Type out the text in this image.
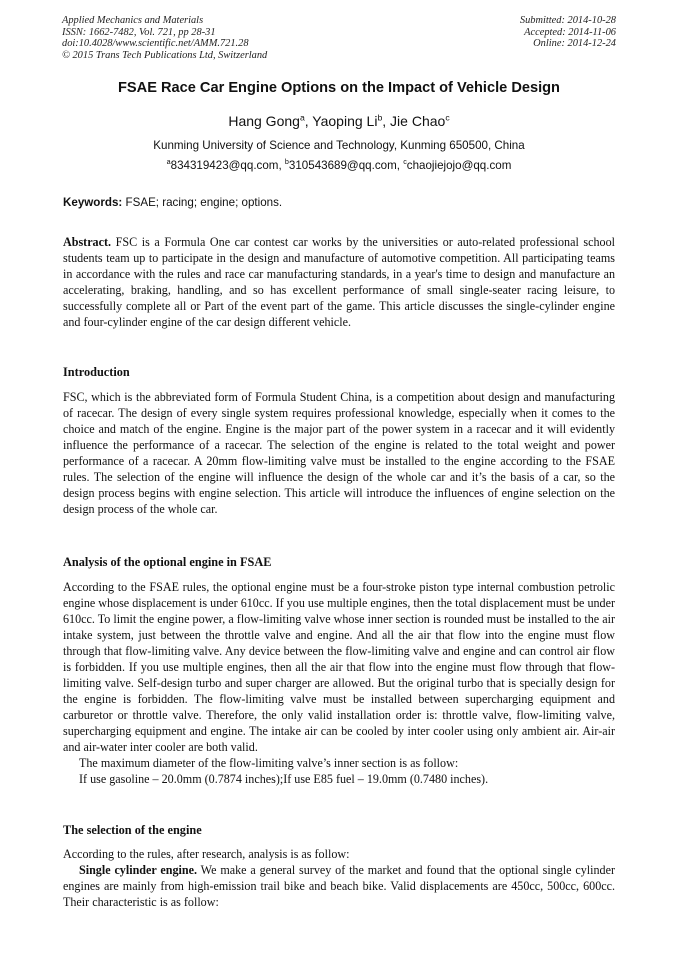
Applied Mechanics and Materials
ISSN: 1662-7482, Vol. 721, pp 28-31
doi:10.4028/www.scientific.net/AMM.721.28
© 2015 Trans Tech Publications Ltd, Switzerland
Submitted: 2014-10-28
Accepted: 2014-11-06
Online: 2014-12-24
FSAE Race Car Engine Options on the Impact of Vehicle Design
Hang Gong$^a$, Yaoping Li$^b$, Jie Chao$^c$
Kunming University of Science and Technology, Kunming 650500, China
$^a$834319423@qq.com, $^b$310543689@qq.com, $^c$chaojiejojo@qq.com
Keywords: FSAE; racing; engine; options.
Abstract. FSC is a Formula One car contest car works by the universities or auto-related professional school students team up to participate in the design and manufacture of automotive competition. All participating teams in accordance with the rules and race car manufacturing standards, in a year's time to design and manufacture an accelerating, braking, handling, and so has excellent performance of small single-seater racing leisure, to successfully complete all or Part of the event part of the game. This article discusses the single-cylinder engine and four-cylinder engine of the car design different vehicle.
Introduction
FSC, which is the abbreviated form of Formula Student China, is a competition about design and manufacturing of racecar. The design of every single system requires professional knowledge, especially when it comes to the choice and match of the engine. Engine is the major part of the power system in a racecar and it will evidently influence the performance of a racecar. The selection of the engine is related to the total weight and power performance of a racecar. A 20mm flow-limiting valve must be installed to the engine according to the FSAE rules. The selection of the engine will influence the design of the whole car and it’s the basis of a car, so the design process begins with engine selection. This article will introduce the influences of engine selection on the design process of the whole car.
Analysis of the optional engine in FSAE
According to the FSAE rules, the optional engine must be a four-stroke piston type internal combustion petrolic engine whose displacement is under 610cc. If you use multiple engines, then the total displacement must be under 610cc. To limit the engine power, a flow-limiting valve whose inner section is rounded must be installed to the air intake system, just between the throttle valve and engine. And all the air that flow into the engine must flow through that flow-limiting valve. Any device between the flow-limiting valve and engine and can control air flow is forbidden. If you use multiple engines, then all the air that flow into the engine must flow through that flow-limiting valve. Self-design turbo and super charger are allowed. But the original turbo that is specially design for the engine is forbidden. The flow-limiting valve must be installed between supercharging equipment and carburetor or throttle valve. Therefore, the only valid installation order is: throttle valve, flow-limiting valve, supercharging equipment and engine. The intake air can be cooled by inter cooler using only ambient air. Air-air and air-water inter cooler are both valid.
The maximum diameter of the flow-limiting valve’s inner section is as follow:
If use gasoline – 20.0mm (0.7874 inches);If use E85 fuel – 19.0mm (0.7480 inches).
The selection of the engine
According to the rules, after research, analysis is as follow:
Single cylinder engine. We make a general survey of the market and found that the optional single cylinder engines are mainly from high-emission trail bike and beach bike. Valid displacements are 450cc, 500cc, 600cc. Their characteristic is as follow:
